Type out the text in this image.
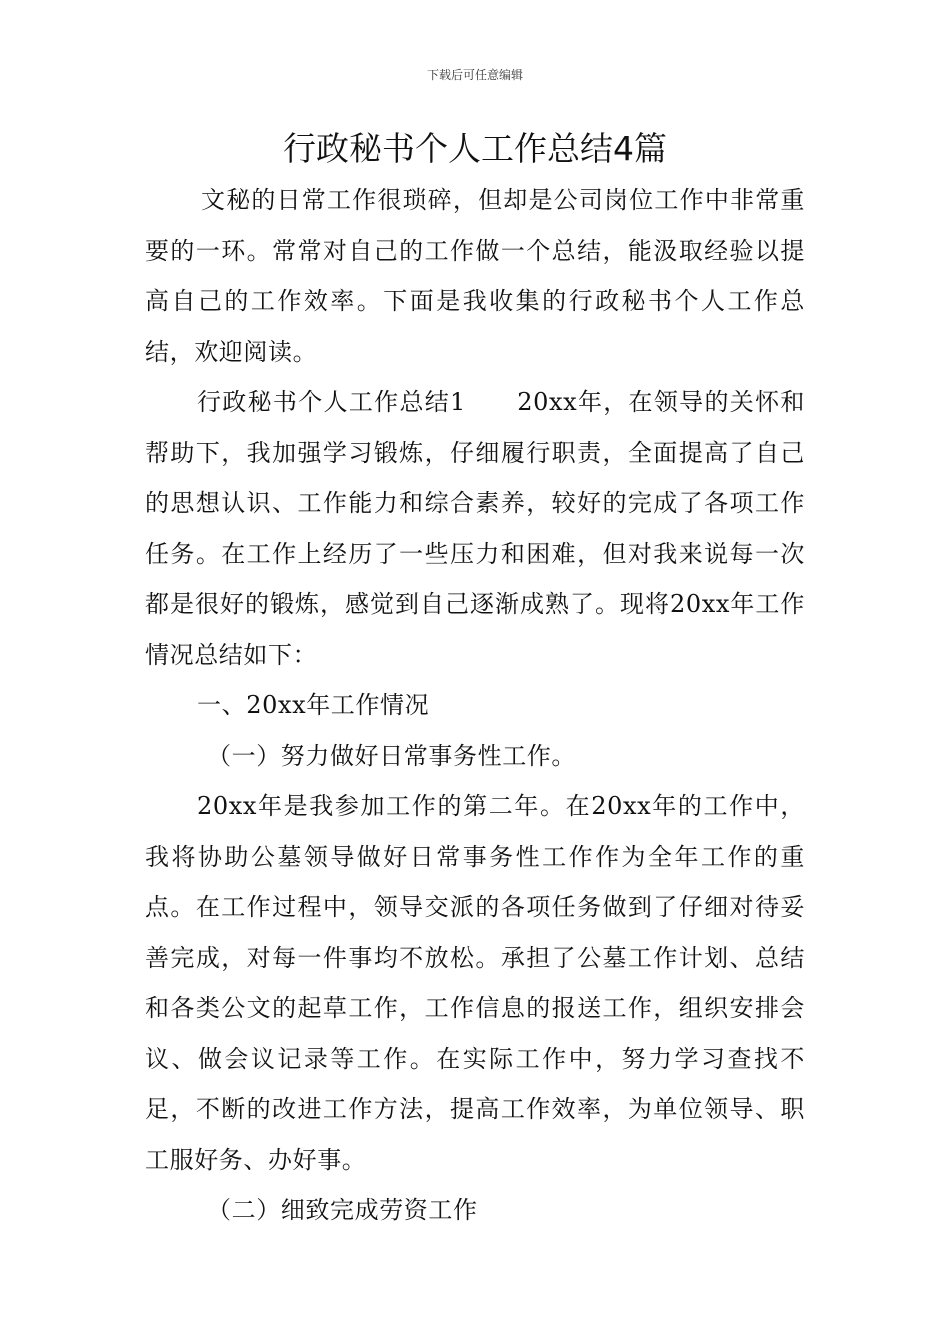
下载后可任意编辑
行政秘书个人工作总结4篇

文秘的日常工作很琐碎，但却是公司岗位工作中非常重要的一环。常常对自己的工作做一个总结，能汲取经验以提高自己的工作效率。下面是我收集的行政秘书个人工作总结，欢迎阅读。

行政秘书个人工作总结1　　20xx年，在领导的关怀和帮助下，我加强学习锻炼，仔细履行职责，全面提高了自己的思想认识、工作能力和综合素养，较好的完成了各项工作任务。在工作上经历了一些压力和困难，但对我来说每一次都是很好的锻炼，感觉到自己逐渐成熟了。现将20xx年工作情况总结如下：

一、20xx年工作情况

（一）努力做好日常事务性工作。

20xx年是我参加工作的第二年。在20xx年的工作中，我将协助公墓领导做好日常事务性工作作为全年工作的重点。在工作过程中，领导交派的各项任务做到了仔细对待妥善完成，对每一件事均不放松。承担了公墓工作计划、总结和各类公文的起草工作，工作信息的报送工作，组织安排会议、做会议记录等工作。在实际工作中，努力学习查找不足，不断的改进工作方法，提高工作效率，为单位领导、职工服好务、办好事。

（二）细致完成劳资工作
